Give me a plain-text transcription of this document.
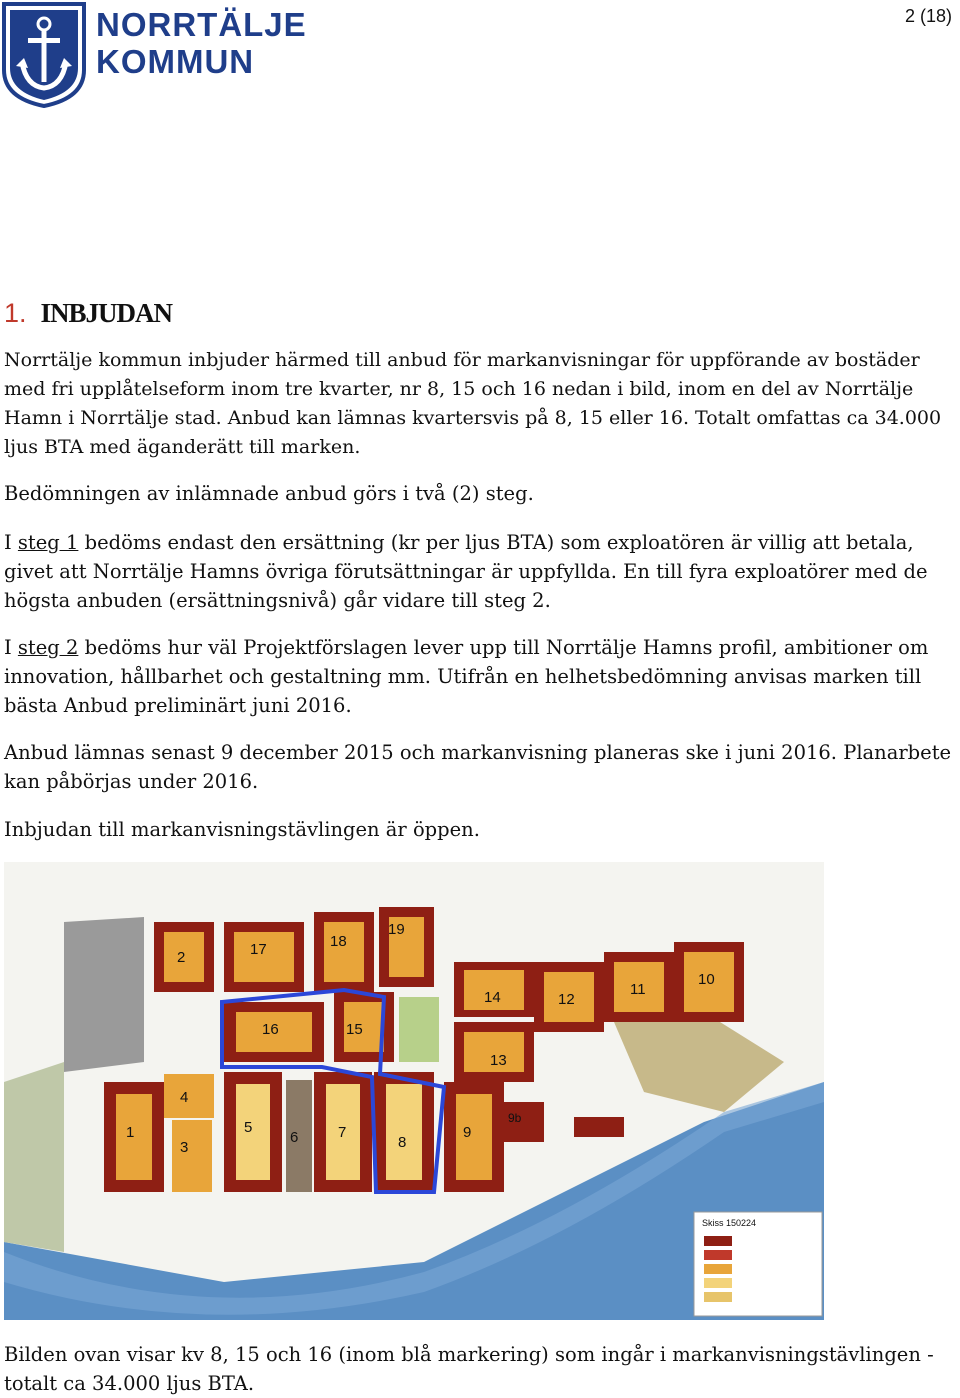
2 (18)
NORRTÄLJE
KOMMUN
1. INBJUDAN

Norrtälje kommun inbjuder härmed till anbud för markanvisningar för uppförande av bostäder med fri upplåtelseform inom tre kvarter, nr 8, 15 och 16 nedan i bild, inom en del av Norrtälje Hamn i Norrtälje stad. Anbud kan lämnas kvartersvis på 8, 15 eller 16. Totalt omfattas ca 34.000 ljus BTA med äganderätt till marken.

Bedömningen av inlämnade anbud görs i två (2) steg.

I steg 1 bedöms endast den ersättning (kr per ljus BTA) som exploatören är villig att betala, givet att Norrtälje Hamns övriga förutsättningar är uppfyllda. En till fyra exploatörer med de högsta anbuden (ersättningsnivå) går vidare till steg 2.

I steg 2 bedöms hur väl Projektförslagen lever upp till Norrtälje Hamns profil, ambitioner om innovation, hållbarhet och gestaltning mm. Utifrån en helhetsbedömning anvisas marken till bästa Anbud preliminärt juni 2016.

Anbud lämnas senast 9 december 2015 och markanvisning planeras ske i juni 2016. Planarbete kan påbörjas under 2016.

Inbjudan till markanvisningstävlingen är öppen.

1
2
3
4
5
6	7
8
9
9b
10
11
12
13
14
15
16
17	18
19
Skiss 150224

Bilden ovan visar kv 8, 15 och 16 (inom blå markering) som ingår i markanvisningstävlingen - totalt ca 34.000 ljus BTA.
